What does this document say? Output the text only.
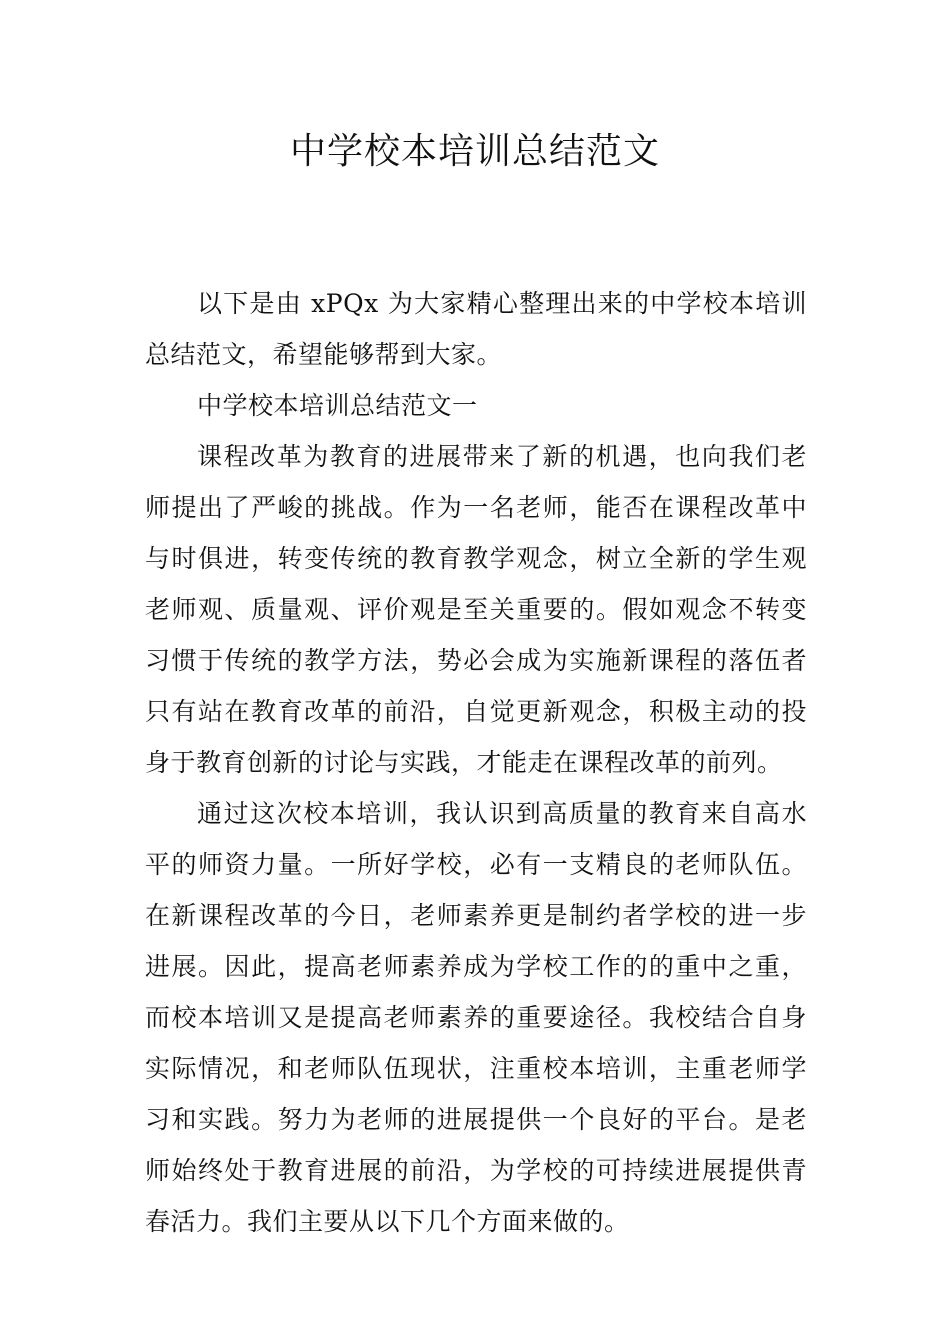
中学校本培训总结范文

以下是由 xPQx 为大家精心整理出来的中学校本培训总结范文，希望能够帮到大家。

中学校本培训总结范文一

课程改革为教育的进展带来了新的机遇，也向我们老师提出了严峻的挑战。作为一名老师，能否在课程改革中与时俱进，转变传统的教育教学观念，树立全新的学生观老师观、质量观、评价观是至关重要的。假如观念不转变习惯于传统的教学方法，势必会成为实施新课程的落伍者只有站在教育改革的前沿，自觉更新观念，积极主动的投身于教育创新的讨论与实践，才能走在课程改革的前列。

通过这次校本培训，我认识到高质量的教育来自高水平的师资力量。一所好学校，必有一支精良的老师队伍。在新课程改革的今日，老师素养更是制约者学校的进一步进展。因此，提高老师素养成为学校工作的的重中之重，而校本培训又是提高老师素养的重要途径。我校结合自身实际情况，和老师队伍现状，注重校本培训，主重老师学习和实践。努力为老师的进展提供一个良好的平台。是老师始终处于教育进展的前沿，为学校的可持续进展提供青春活力。我们主要从以下几个方面来做的。
